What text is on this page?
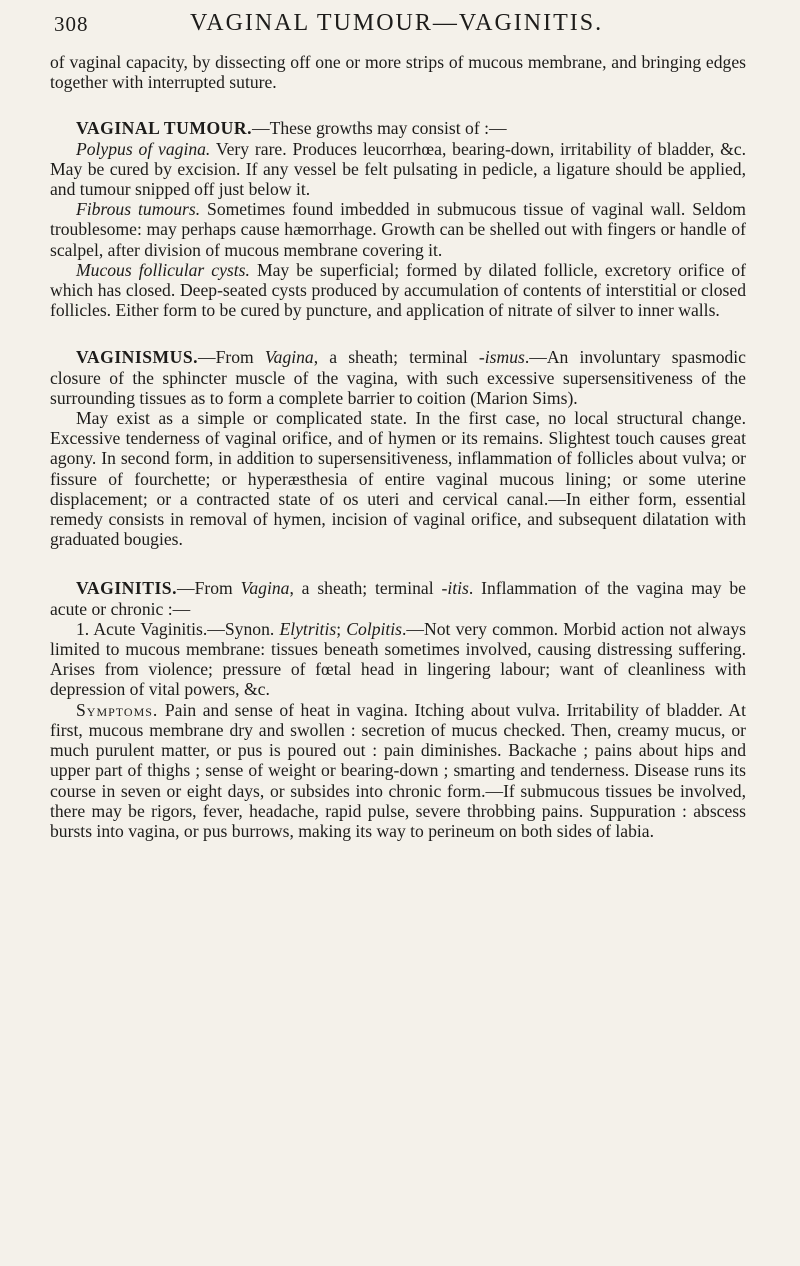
308	VAGINAL TUMOUR—VAGINITIS.

of vaginal capacity, by dissecting off one or more strips of mucous membrane, and bringing edges together with interrupted suture.

VAGINAL TUMOUR.—These growths may consist of :—

Polypus of vagina. Very rare. Produces leucorrhœa, bearing-down, irritability of bladder, &c. May be cured by excision. If any vessel be felt pulsating in pedicle, a ligature should be applied, and tumour snipped off just below it.

Fibrous tumours. Sometimes found imbedded in submucous tissue of vaginal wall. Seldom troublesome: may perhaps cause hæmorrhage. Growth can be shelled out with fingers or handle of scalpel, after division of mucous membrane covering it.

Mucous follicular cysts. May be superficial; formed by dilated follicle, excretory orifice of which has closed. Deep-seated cysts produced by accumulation of contents of interstitial or closed follicles. Either form to be cured by puncture, and application of nitrate of silver to inner walls.

VAGINISMUS.—From Vagina, a sheath; terminal -ismus.—An involuntary spasmodic closure of the sphincter muscle of the vagina, with such excessive supersensitiveness of the surrounding tissues as to form a complete barrier to coition (Marion Sims).

May exist as a simple or complicated state. In the first case, no local structural change. Excessive tenderness of vaginal orifice, and of hymen or its remains. Slightest touch causes great agony. In second form, in addition to supersensitiveness, inflammation of follicles about vulva; or fissure of fourchette; or hyperæsthesia of entire vaginal mucous lining; or some uterine displacement; or a contracted state of os uteri and cervical canal.—In either form, essential remedy consists in removal of hymen, incision of vaginal orifice, and subsequent dilatation with graduated bougies.

VAGINITIS.—From Vagina, a sheath; terminal -itis. Inflammation of the vagina may be acute or chronic :—

1. Acute Vaginitis.—Synon. Elytritis; Colpitis.—Not very common. Morbid action not always limited to mucous membrane: tissues beneath sometimes involved, causing distressing suffering. Arises from violence; pressure of fœtal head in lingering labour; want of cleanliness with depression of vital powers, &c.

Symptoms. Pain and sense of heat in vagina. Itching about vulva. Irritability of bladder. At first, mucous membrane dry and swollen : secretion of mucus checked. Then, creamy mucus, or much purulent matter, or pus is poured out : pain diminishes. Backache ; pains about hips and upper part of thighs ; sense of weight or bearing-down ; smarting and tenderness. Disease runs its course in seven or eight days, or subsides into chronic form.—If submucous tissues be involved, there may be rigors, fever, headache, rapid pulse, severe throbbing pains. Suppuration : abscess bursts into vagina, or pus burrows, making its way to perineum on both sides of labia.
